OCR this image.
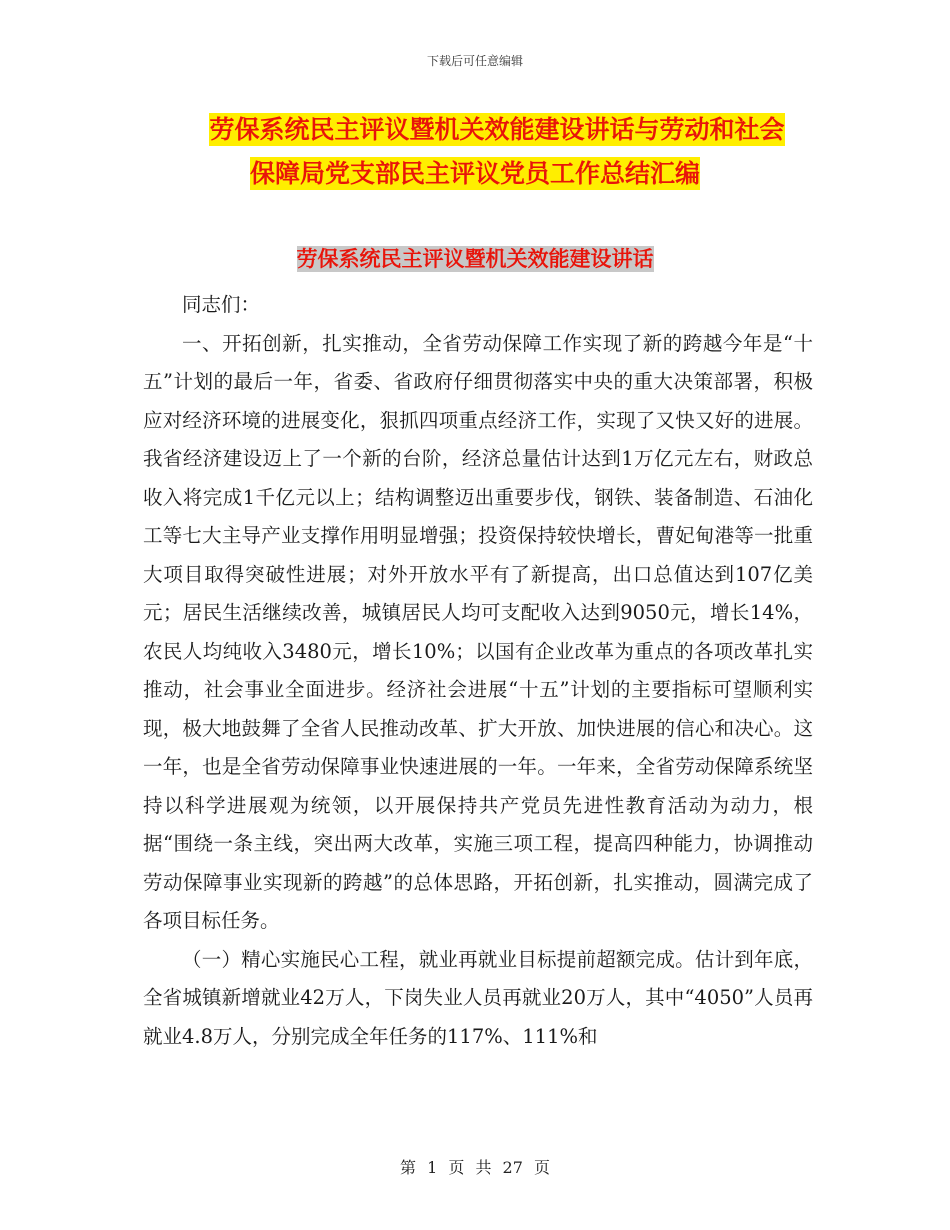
下载后可任意编辑
劳保系统民主评议暨机关效能建设讲话与劳动和社会
保障局党支部民主评议党员工作总结汇编
劳保系统民主评议暨机关效能建设讲话

同志们：

一、开拓创新，扎实推动，全省劳动保障工作实现了新的跨越今年是“十五”计划的最后一年，省委、省政府仔细贯彻落实中央的重大决策部署，积极应对经济环境的进展变化，狠抓四项重点经济工作，实现了又快又好的进展。我省经济建设迈上了一个新的台阶，经济总量估计达到1万亿元左右，财政总收入将完成1千亿元以上；结构调整迈出重要步伐，钢铁、装备制造、石油化工等七大主导产业支撑作用明显增强；投资保持较快增长，曹妃甸港等一批重大项目取得突破性进展；对外开放水平有了新提高，出口总值达到107亿美元；居民生活继续改善，城镇居民人均可支配收入达到9050元，增长14%，农民人均纯收入3480元，增长10%；以国有企业改革为重点的各项改革扎实推动，社会事业全面进步。经济社会进展“十五”计划的主要指标可望顺利实现，极大地鼓舞了全省人民推动改革、扩大开放、加快进展的信心和决心。这一年，也是全省劳动保障事业快速进展的一年。一年来，全省劳动保障系统坚持以科学进展观为统领，以开展保持共产党员先进性教育活动为动力，根据“围绕一条主线，突出两大改革，实施三项工程，提高四种能力，协调推动劳动保障事业实现新的跨越”的总体思路，开拓创新，扎实推动，圆满完成了各项目标任务。

（一）精心实施民心工程，就业再就业目标提前超额完成。估计到年底，全省城镇新增就业42万人，下岗失业人员再就业20万人，其中“4050”人员再就业4.8万人，分别完成全年任务的117%、111%和

第 1 页 共 27 页
